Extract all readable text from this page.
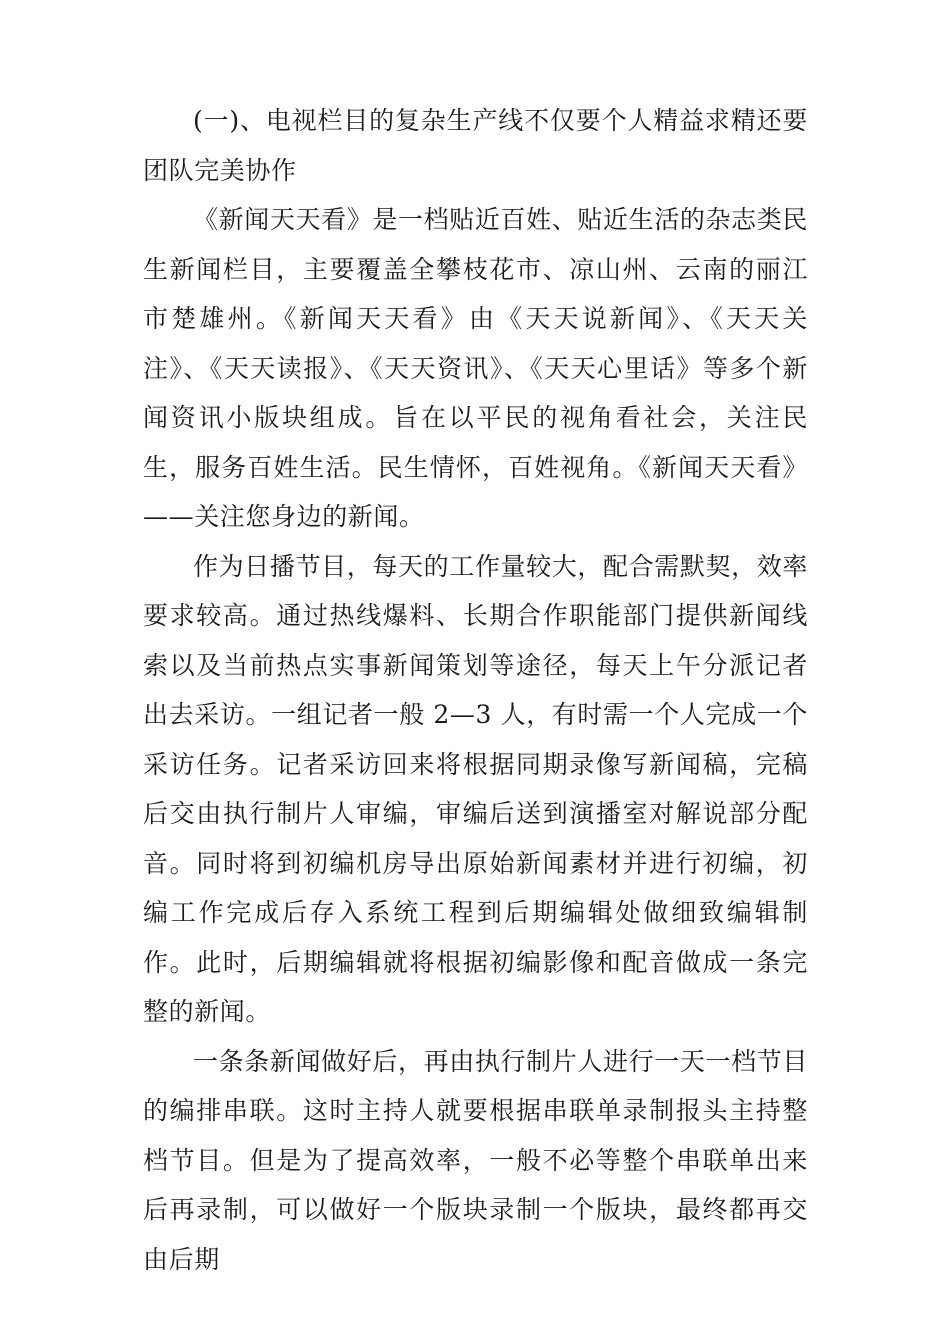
(一)、电视栏目的复杂生产线不仅要个人精益求精还要团队完美协作

《新闻天天看》是一档贴近百姓、贴近生活的杂志类民生新闻栏目，主要覆盖全攀枝花市、凉山州、云南的丽江市楚雄州。《新闻天天看》由《天天说新闻》、《天天关注》、《天天读报》、《天天资讯》、《天天心里话》等多个新闻资讯小版块组成。旨在以平民的视角看社会，关注民生，服务百姓生活。民生情怀，百姓视角。《新闻天天看》——关注您身边的新闻。

作为日播节目，每天的工作量较大，配合需默契，效率要求较高。通过热线爆料、长期合作职能部门提供新闻线索以及当前热点实事新闻策划等途径，每天上午分派记者出去采访。一组记者一般 2—3 人，有时需一个人完成一个采访任务。记者采访回来将根据同期录像写新闻稿，完稿后交由执行制片人审编，审编后送到演播室对解说部分配音。同时将到初编机房导出原始新闻素材并进行初编，初编工作完成后存入系统工程到后期编辑处做细致编辑制作。此时，后期编辑就将根据初编影像和配音做成一条完整的新闻。

一条条新闻做好后，再由执行制片人进行一天一档节目的编排串联。这时主持人就要根据串联单录制报头主持整档节目。但是为了提高效率，一般不必等整个串联单出来后再录制，可以做好一个版块录制一个版块，最终都再交由后期
